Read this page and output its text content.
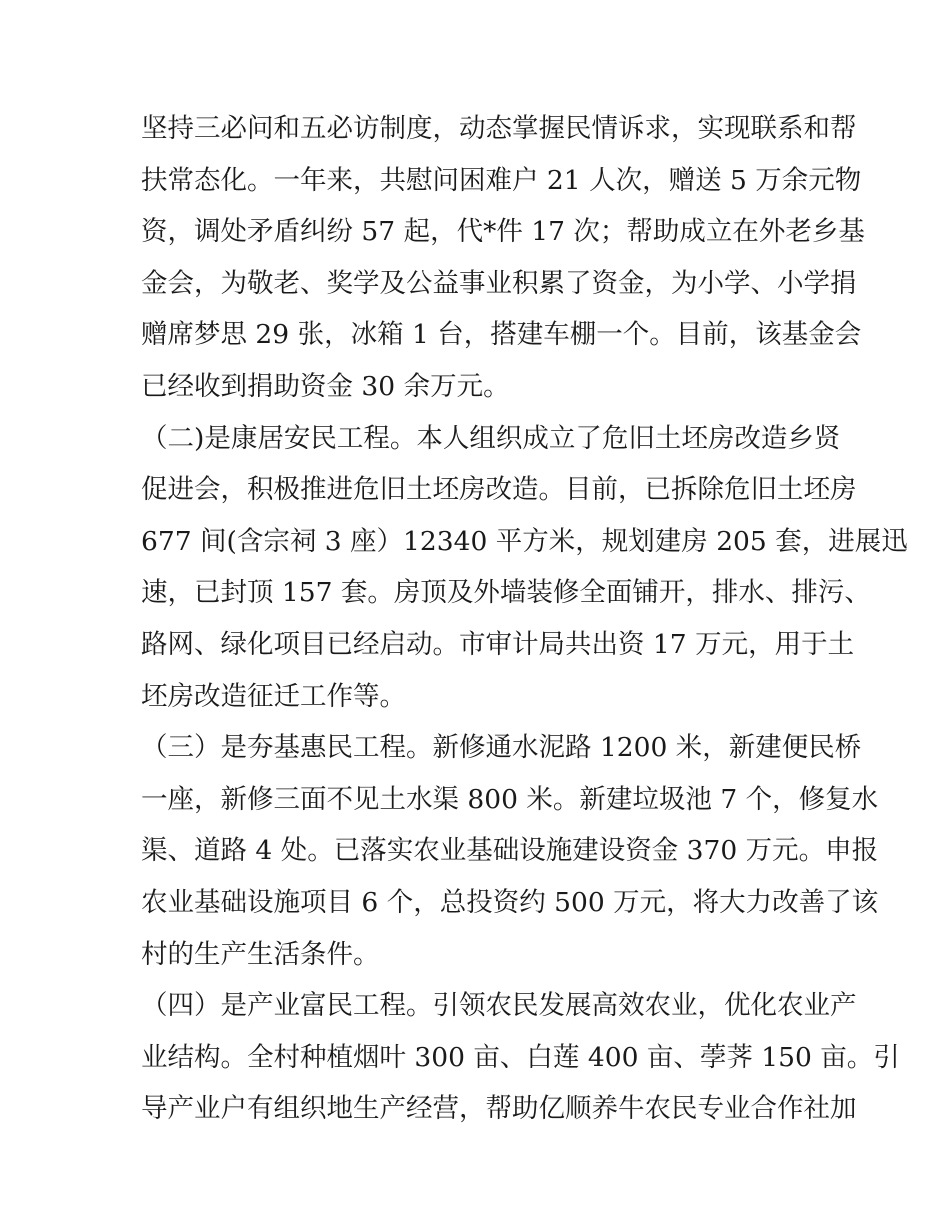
坚持三必问和五必访制度，动态掌握民情诉求，实现联系和帮
扶常态化。一年来，共慰问困难户 21 人次，赠送 5 万余元物
资，调处矛盾纠纷 57 起，代*件 17 次；帮助成立在外老乡基
金会，为敬老、奖学及公益事业积累了资金，为小学、小学捐
赠席梦思 29 张，冰箱 1 台，搭建车棚一个。目前，该基金会
已经收到捐助资金 30 余万元。
（二)是康居安民工程。本人组织成立了危旧土坯房改造乡贤
促进会，积极推进危旧土坯房改造。目前，已拆除危旧土坯房
677 间(含宗祠 3 座）12340 平方米，规划建房 205 套，进展迅
速，已封顶 157 套。房顶及外墙装修全面铺开，排水、排污、
路网、绿化项目已经启动。市审计局共出资 17 万元，用于土
坯房改造征迁工作等。
（三）是夯基惠民工程。新修通水泥路 1200 米，新建便民桥
一座，新修三面不见土水渠 800 米。新建垃圾池 7 个，修复水
渠、道路 4 处。已落实农业基础设施建设资金 370 万元。申报
农业基础设施项目 6 个，总投资约 500 万元，将大力改善了该
村的生产生活条件。
（四）是产业富民工程。引领农民发展高效农业，优化农业产
业结构。全村种植烟叶 300 亩、白莲 400 亩、荸荠 150 亩。引
导产业户有组织地生产经营，帮助亿顺养牛农民专业合作社加
